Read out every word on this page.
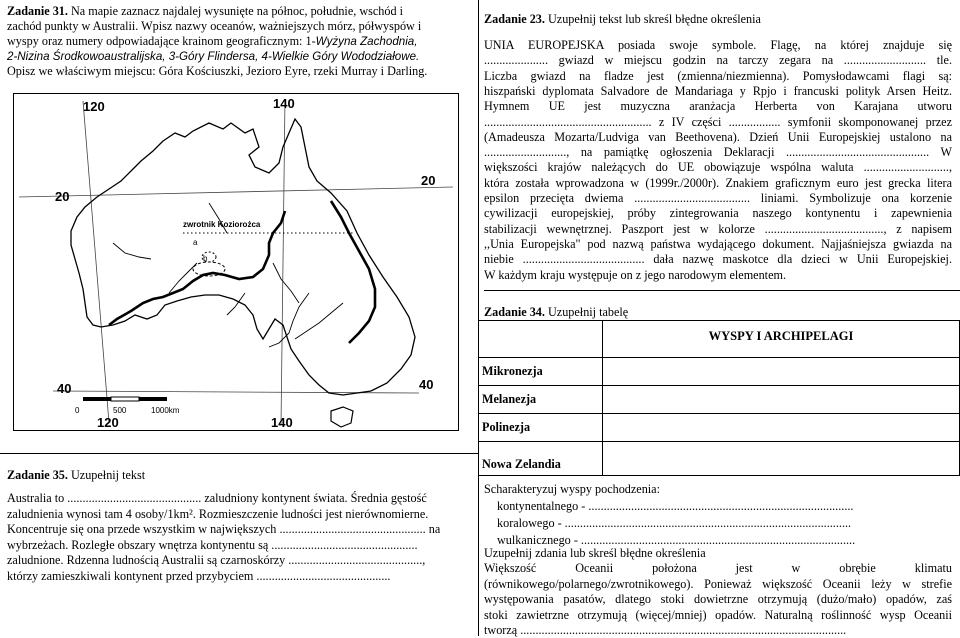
Zadanie 31. Na mapie zaznacz najdalej wysunięte na północ, południe, wschód i
zachód punkty w Australii. Wpisz nazwy oceanów, ważniejszych mórz, półwyspów i
wyspy oraz numery odpowiadające krainom geograficznym: 1-Wyżyna Zachodnia,
2-Nizina Środkowoaustralijska, 3-Góry Flindersa, 4-Wielkie Góry Wododziałowe.
Opisz we właściwym miejscu: Góra Kościuszki, Jezioro Eyre, rzeki Murray i Darling.
120	140
20
20
40	40
120	140
zwrotnik Koziorożca
a
b
0	500	1000km
Zadanie 35. Uzupełnij tekst
Australia to ............................................ zaludniony kontynent świata. Średnia gęstość
zaludnienia wynosi tam 4 osoby/1km². Rozmieszczenie ludności jest nierównomierne.
Koncentruje się ona przede wszystkim w największych ................................................ na
wybrzeżach. Rozległe obszary wnętrza kontynentu są ................................................
zaludnione. Rdzenna ludnością Australii są czarnoskórzy ............................................,
którzy zamieszkiwali kontynent przed przybyciem ............................................
Zadanie 23. Uzupełnij tekst lub skreśl błędne określenia
UNIA EUROPEJSKA posiada swoje symbole. Flagę, na której znajduje się
..................... gwiazd w miejscu godzin na tarczy zegara na ........................... tle.
Liczba gwiazd na fladze jest (zmienna/niezmienna). Pomysłodawcami flagi są:
hiszpański dyplomata Salvadore de Mandariaga y Rpjo i francuski polityk Arsen Heitz.
Hymnem UE jest muzyczna aranżacja Herberta von Karajana utworu
....................................................... z IV części ................. symfonii skomponowanej przez
(Amadeusza Mozarta/Ludvіga van Beethovena). Dzień Unii Europejskiej ustalono na
..........................., na pamiątkę ogłoszenia Deklaracji ............................................... W
większości krajów należących do UE obowiązuje wspólna waluta ............................,
która została wprowadzona w (1999r./2000r). Znakiem graficznym euro jest grecka litera
epsilon przecięta dwiema ...................................... liniami. Symbolizuje ona korzenie
cywilizacji europejskiej, próby zintegrowania naszego kontynentu i zapewnienia
stabilizacji wewnętrznej. Paszport jest w kolorze ......................................., z napisem
,,Unia Europejska" pod nazwą państwa wydającego dokument. Najjaśniejsza gwiazda na
niebie ........................................ dała nazwę maskotce dla dzieci w Unii Europejskiej.
W każdym kraju występuje on z jego narodowym elementem.
Zadanie 34. Uzupełnij tabelę
	WYSPY I ARCHIPELAGI
Mikronezja	
Melanezja	
Polinezja	
Nowa Zelandia	
Scharakteryzuj wyspy pochodzenia:
kontynentalnego - .......................................................................................
koralowego - ..............................................................................................
wulkanicznego - ..........................................................................................
Uzupełnij zdania lub skreśl błędne określenia
Większość Oceanii położona jest w obrębie klimatu
(równikowego/polarnego/zwrotnikowego). Ponieważ większość Oceanii leży w strefie
występowania pasatów, dlatego stoki dowietrzne otrzymują (dużo/mało) opadów, zaś
stoki zawietrzne otrzymują (więcej/mniej) opadów. Naturalną roślinność wysp Oceanii
tworzą ...........................................................................................................
